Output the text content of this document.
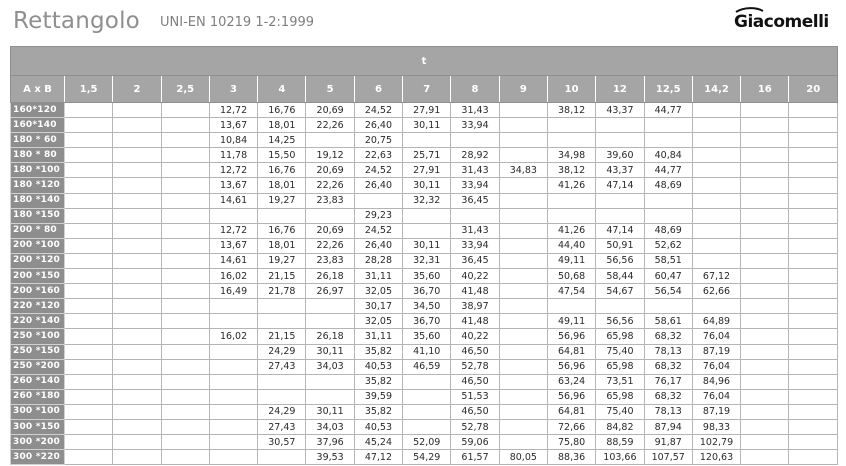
Rettangolo UNI-EN 10219 1-2:1999	Giacomelli
t																
A x B	1,5	2	2,5	3	4	5	6	7	8	9	10	12	12,5	14,2	16	20
160*120				12,72	16,76	20,69	24,52	27,91	31,43		38,12	43,37	44,77			
160*140				13,67	18,01	22,26	26,40	30,11	33,94							
180 * 60				10,84	14,25		20,75									
180 * 80				11,78	15,50	19,12	22,63	25,71	28,92		34,98	39,60	40,84			
180 *100				12,72	16,76	20,69	24,52	27,91	31,43	34,83	38,12	43,37	44,77			
180 *120				13,67	18,01	22,26	26,40	30,11	33,94		41,26	47,14	48,69			
180 *140				14,61	19,27	23,83		32,32	36,45							
180 *150							29,23									
200 * 80				12,72	16,76	20,69	24,52		31,43		41,26	47,14	48,69			
200 *100				13,67	18,01	22,26	26,40	30,11	33,94		44,40	50,91	52,62			
200 *120				14,61	19,27	23,83	28,28	32,31	36,45		49,11	56,56	58,51			
200 *150				16,02	21,15	26,18	31,11	35,60	40,22		50,68	58,44	60,47	67,12		
200 *160				16,49	21,78	26,97	32,05	36,70	41,48		47,54	54,67	56,54	62,66		
220 *120							30,17	34,50	38,97							
220 *140							32,05	36,70	41,48		49,11	56,56	58,61	64,89		
250 *100				16,02	21,15	26,18	31,11	35,60	40,22		56,96	65,98	68,32	76,04		
250 *150					24,29	30,11	35,82	41,10	46,50		64,81	75,40	78,13	87,19		
250 *200					27,43	34,03	40,53	46,59	52,78		56,96	65,98	68,32	76,04		
260 *140							35,82		46,50		63,24	73,51	76,17	84,96		
260 *180							39,59		51,53		56,96	65,98	68,32	76,04		
300 *100					24,29	30,11	35,82		46,50		64,81	75,40	78,13	87,19		
300 *150					27,43	34,03	40,53		52,78		72,66	84,82	87,94	98,33		
300 *200					30,57	37,96	45,24	52,09	59,06		75,80	88,59	91,87	102,79		
300 *220						39,53	47,12	54,29	61,57	80,05	88,36	103,66	107,57	120,63		
